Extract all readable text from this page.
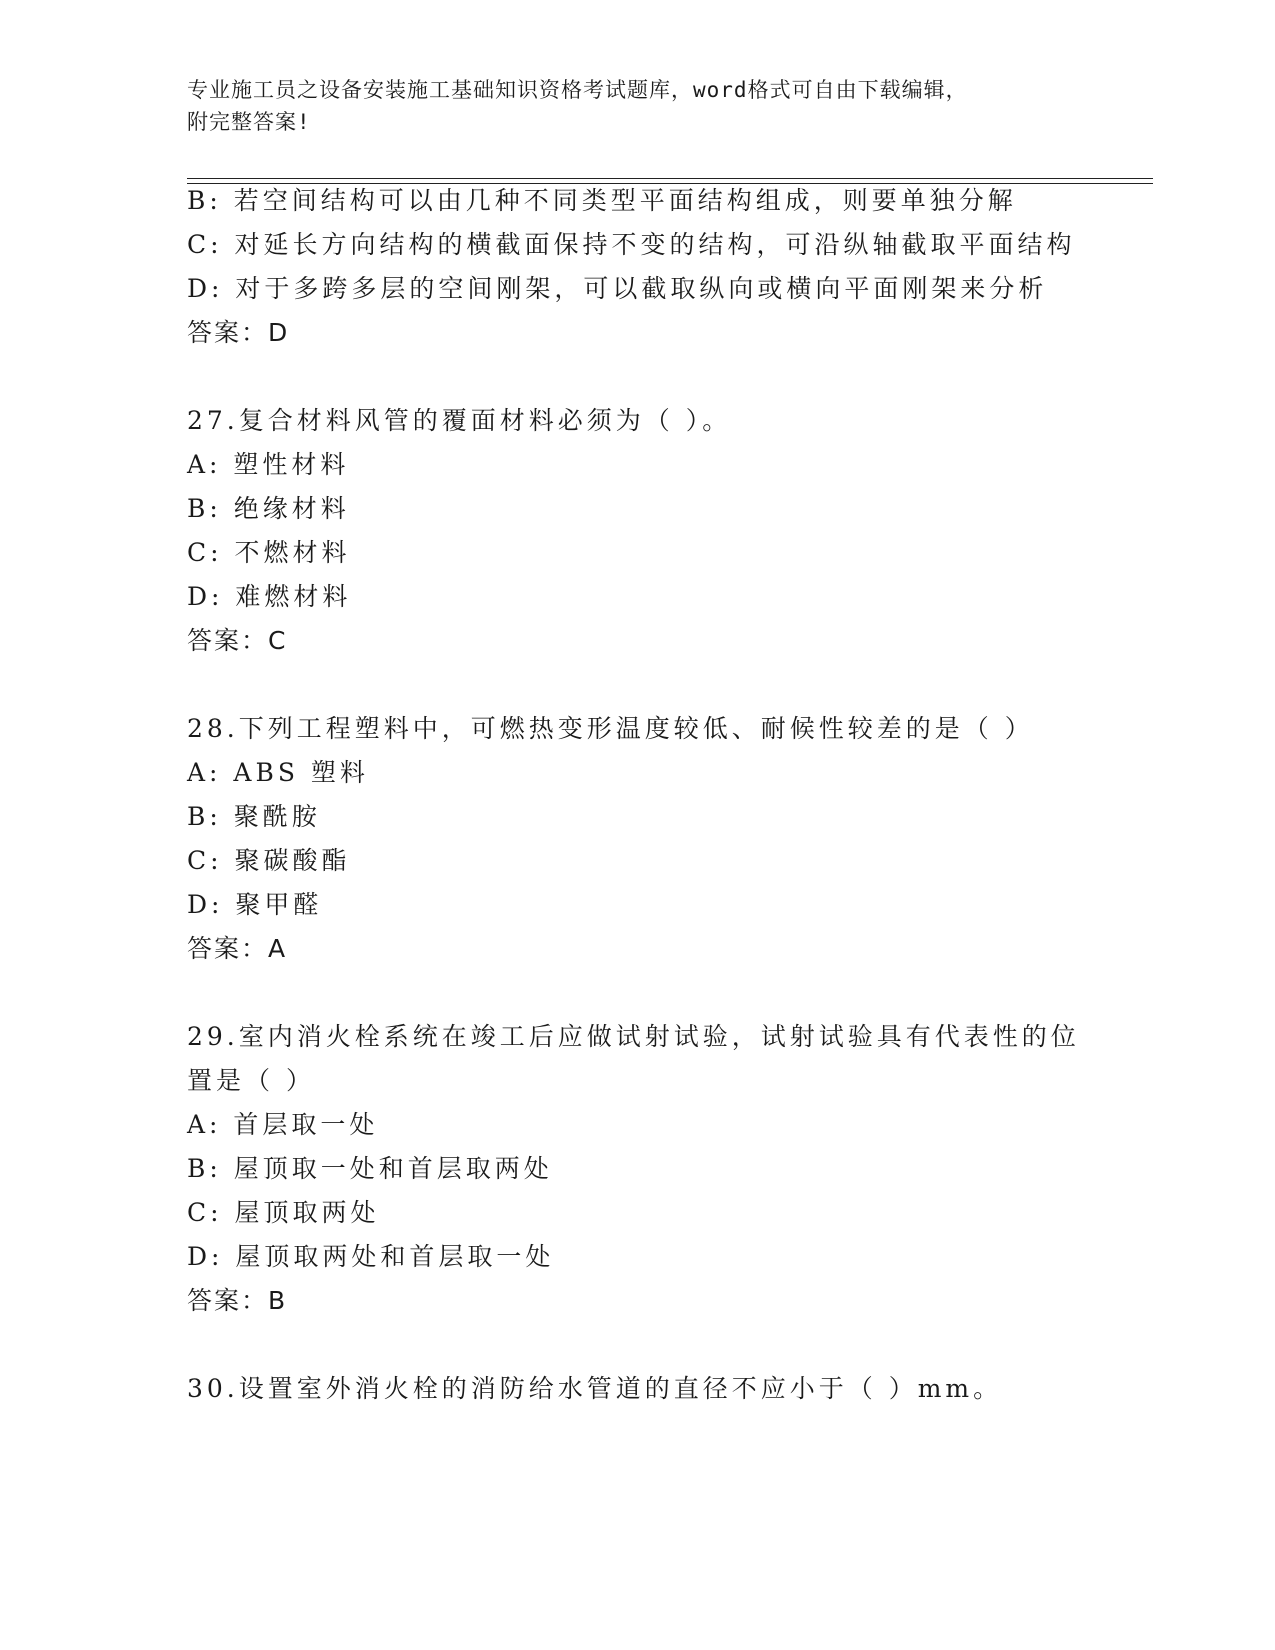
专业施工员之设备安装施工基础知识资格考试题库，word格式可自由下载编辑，
附完整答案!
B: 若空间结构可以由几种不同类型平面结构组成，则要单独分解
C: 对延长方向结构的横截面保持不变的结构，可沿纵轴截取平面结构
D: 对于多跨多层的空间刚架，可以截取纵向或横向平面刚架来分析
答案：D
27.复合材料风管的覆面材料必须为（ ）。
A: 塑性材料
B: 绝缘材料
C: 不燃材料
D: 难燃材料
答案：C
28.下列工程塑料中，可燃热变形温度较低、耐候性较差的是（ ）
A: ABS 塑料
B: 聚酰胺
C: 聚碳酸酯
D: 聚甲醛
答案：A
29.室内消火栓系统在竣工后应做试射试验，试射试验具有代表性的位
置是（ ）
A: 首层取一处
B: 屋顶取一处和首层取两处
C: 屋顶取两处
D: 屋顶取两处和首层取一处
答案：B
30.设置室外消火栓的消防给水管道的直径不应小于（ ）mm。
